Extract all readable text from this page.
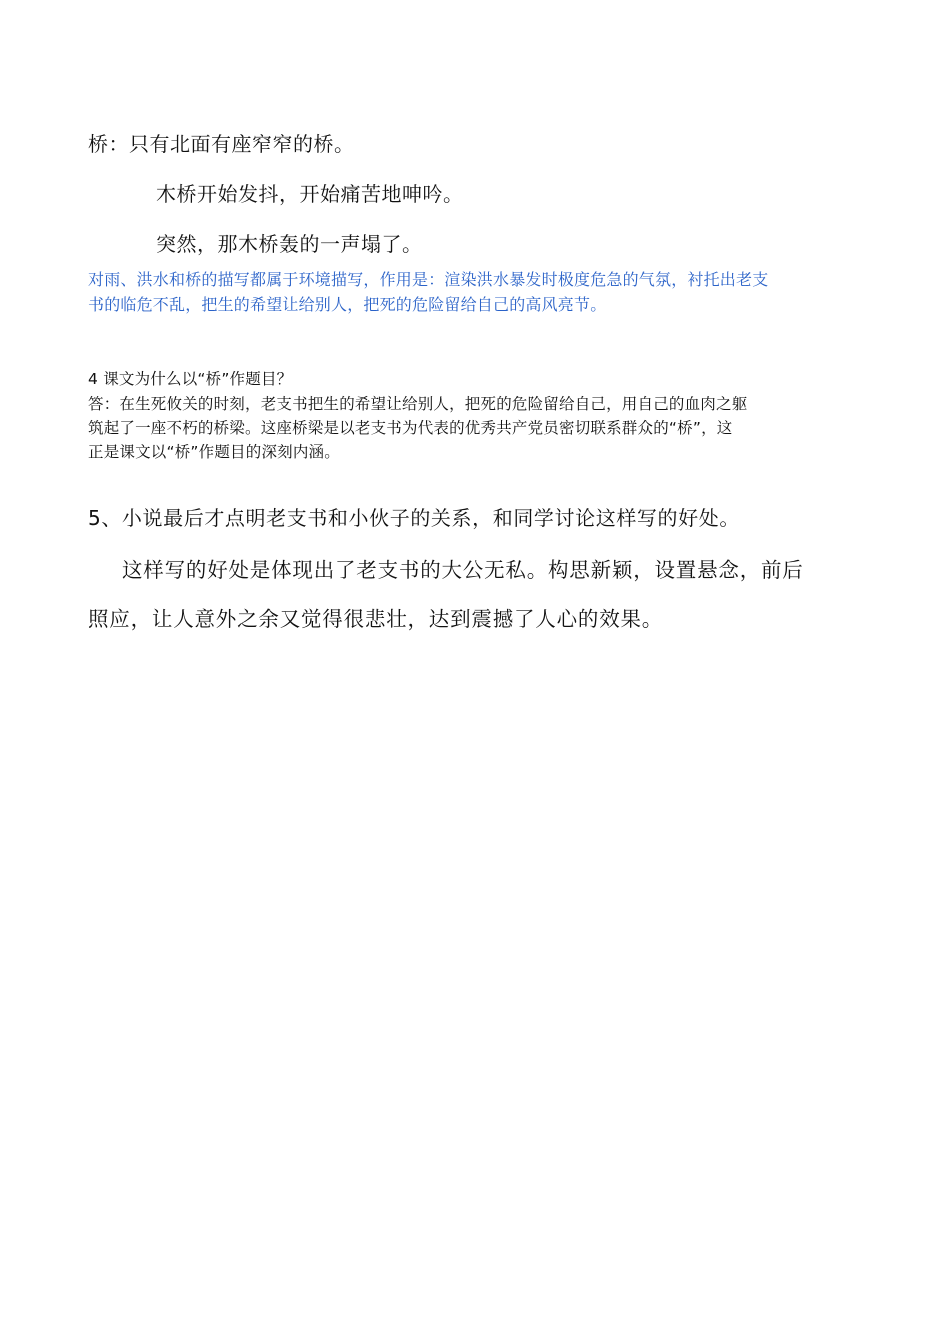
桥：只有北面有座窄窄的桥。
木桥开始发抖，开始痛苦地呻吟。
突然，那木桥轰的一声塌了。
对雨、洪水和桥的描写都属于环境描写，作用是：渲染洪水暴发时极度危急的气氛，衬托出老支
书的临危不乱，把生的希望让给别人，把死的危险留给自己的高风亮节。
4 课文为什么以“桥”作题目？
答：在生死攸关的时刻，老支书把生的希望让给别人，把死的危险留给自己，用自己的血肉之躯
筑起了一座不朽的桥梁。这座桥梁是以老支书为代表的优秀共产党员密切联系群众的“桥”，这
正是课文以“桥”作题目的深刻内涵。
5、小说最后才点明老支书和小伙子的关系，和同学讨论这样写的好处。
这样写的好处是体现出了老支书的大公无私。构思新颖，设置悬念，前后
照应，让人意外之余又觉得很悲壮，达到震撼了人心的效果。
